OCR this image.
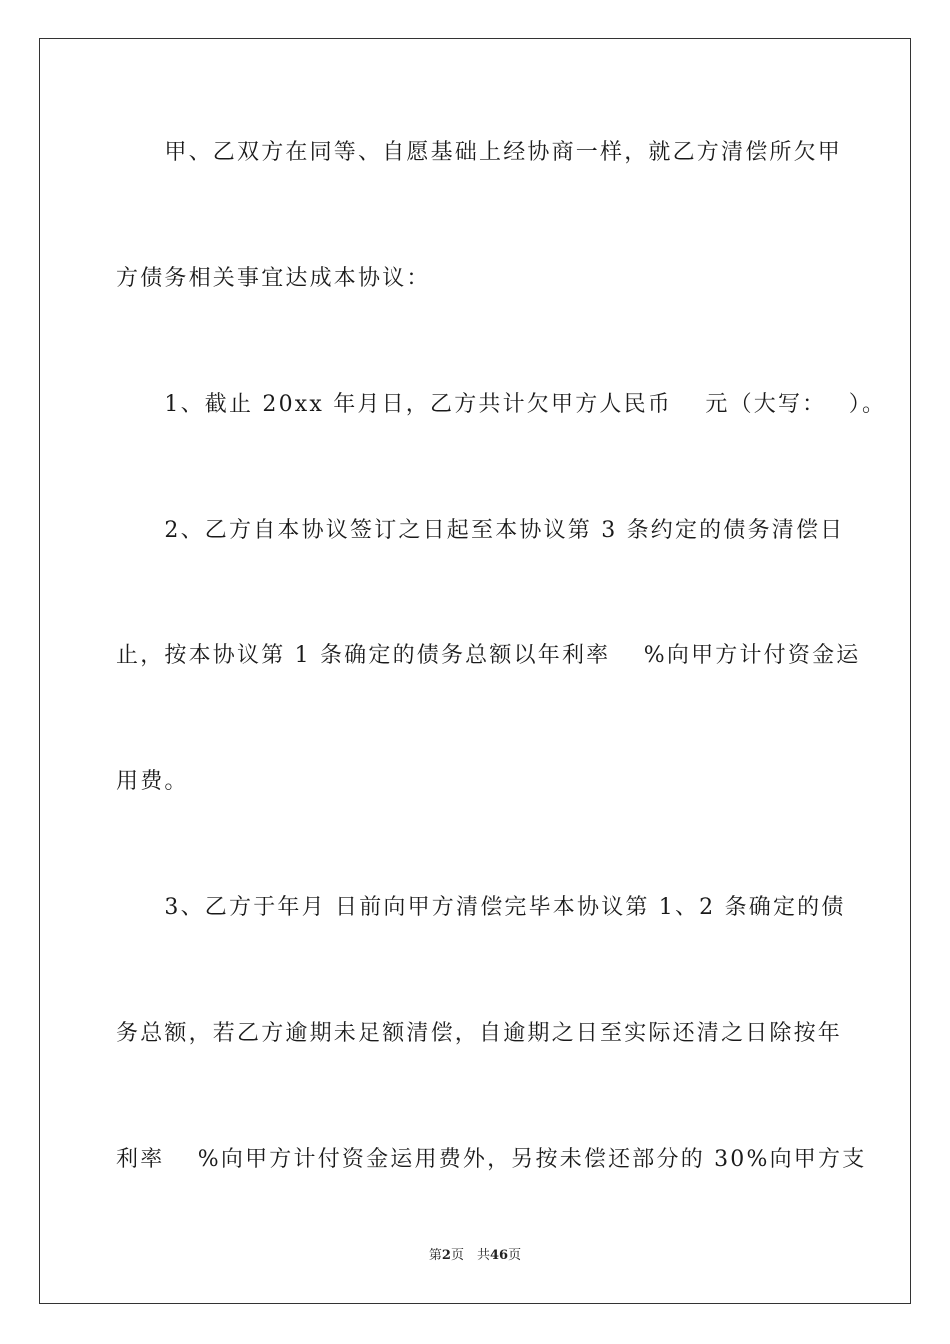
　　甲、乙双方在同等、自愿基础上经协商一样，就乙方清偿所欠甲
方债务相关事宜达成本协议：
　　1、截止 20xx 年月日，乙方共计欠甲方人民币　 元（大写：　 ）。
　　2、乙方自本协议签订之日起至本协议第 3 条约定的债务清偿日
止，按本协议第 1 条确定的债务总额以年利率　 %向甲方计付资金运
用费。
　　3、乙方于年月 日前向甲方清偿完毕本协议第 1、2 条确定的债
务总额，若乙方逾期未足额清偿，自逾期之日至实际还清之日除按年
利率　 %向甲方计付资金运用费外，另按未偿还部分的 30%向甲方支
第2页　共46页
